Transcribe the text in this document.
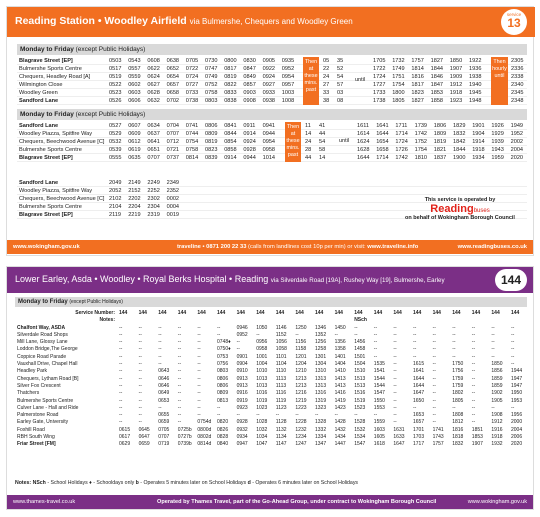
Reading Station • Woodley Airfield via Bulmershe, Chequers and Woodley Green
service
13
Monday to Friday (except Public Holidays)
Blagrave Street [EP]	0503	0543	0608	0638	0705	0730	0800	0830	0905	0935	05	35	1705	1732	1757	1827	1850	1922	2305
Bulmershe Sports Centre	0517	0557	0622	0652	0722	0747	0817	0847	0922	0952	22	52	1722	1749	1814	1844	1907	1936	2336
Chequers, Headley Road [A]	0519	0559	0624	0654	0724	0749	0819	0849	0924	0954	24	54	1724	1751	1816	1846	1909	1938	2338
Wilmington Close	0522	0602	0627	0657	0727	0752	0822	0857	0927	0957	27	57	1727	1754	1817	1847	1912	1940	2340
Woodley Green	0523	0603	0628	0658	0733	0758	0833	0903	0933	1003	33	03	1733	1800	1823	1853	1918	1945	2345
Sandford Lane	0526	0606	0632	0702	0738	0803	0838	0908	0938	1008	38	08	1738	1805	1827	1858	1923	1948	2348
Then
at
these
mins.
past
until
Then
hourly
until
Monday to Friday (except Public Holidays)
Sandford Lane	0527	0607	0634	0704	0741	0806	0841	0911	0941	11	41	1611	1641	1711	1739	1806	1829	1901	1926	1949
Woodley Piazza, Spitfire Way	0529	0609	0637	0707	0744	0809	0844	0914	0944	14	44	1614	1644	1714	1742	1809	1832	1904	1929	1952
Chequers, Beechwood Avenue [C] 0532	0612	0641	0712	0754	0819	0854	0924	0954	24	54	1624	1654	1724	1752	1819	1842	1914	1939	2002
Bulmershe Sports Centre	0539	0619	0651	0721	0758	0823	0858	0928	0958	28	58	1628	1658	1726	1754	1821	1844	1918	1943	2004
Blagrave Street [EP]	0555	0635	0707	0737	0814	0839	0914	0944	1014	44	14	1644	1714	1742	1810	1837	1900	1934	1959	2020
Then
at
these
mins.
past
until
Sandford Lane	2049	2149	2249	2349
Woodley Piazza, Spitfire Way	2052	2152	2252	2352
Chequers, Beechwood Avenue [C] 2102	2202	2302	0002
Bulmershe Sports Centre	2104	2204	2304	0004
Blagrave Street [EP]	2119	2219	2319	0019
This service is operated by Readingbuses
on behalf of Wokingham Borough Council
www.wokingham.gov.uk	traveline • 0871 200 22 33 (calls from landlines cost 10p per min) or visit: www.traveline.info	www.readingbuses.co.uk
Lower Earley, Asda • Woodley • Royal Berks Hospital • Reading via Silverdale Road [19A], Rushey Way [19], Bulmershe, Earley	144
Monday to Friday (except Public Holidays)
Service Number: 144	144	144	144	144	144	144	144	144	144	144	144	144	144	144	144	144	144	144	144	144
Notes:	NSch
Chalfont Way, ASDA	--	--	--	--	--	--	0946	1050	1146	1250	1346	1450	--	--	--	--	--	--	--	--	--
Silverdale Road Shops	--	--	--	--	--	--	0952	--	1152	--	1352	--	--	--	--	--	--	--	--	--	--
Mill Lane, Glossy Lane	--	--	--	--	--	0748♦	--	0956	1056	1156	1256	1356	1456	--	--	--	--	--	--	--	--
Loddon Bridge,The George	--	--	--	--	--	0750♦	--	0958	1058	1158	1258	1358	1458	--	--	--	--	--	--	--	--
Coppice Road Parade	--	--	--	--	--	0753	0901	1001	1101	1201	1301	1401	1501	--	--	--	--	--	--	--	--
Vauxhall Drive, Chapel Hall	--	--	--	--	--	0756	0904	1004	1104	1204	1304	1404	1504	1535	--	1615	--	1750	--	1850	--
Headley Park	--	--	0643	--	--	0803	0910	1010	1110	1210	1310	1410	1510	1541	--	1641	--	1756	--	1856	1944
Chequers, Lytham Road [B]	--	--	0646	--	--	0806	0913	1013	1113	1213	1313	1413	1513	1544	--	1644	--	1759	--	1859	1947
Silver Fox Crescent	--	--	0646	--	--	0806	0913	1013	1113	1213	1313	1413	1513	1544	--	1644	--	1759	--	1859	1947
Thatchers	--	--	0649	--	--	0809	0916	1016	1116	1216	1316	1416	1516	1547	--	1647	--	1802	--	1902	1950
Bulmershe Sports Centre	--	--	0653	--	--	0813	0919	1019	1119	1219	1319	1419	1519	1550	--	1650	--	1805	--	1905	1953
Culver Lane - Hall and Ride	--	--	--	--	--	--	0923	1023	1123	1223	1323	1423	1523	1553	--	--	--	--	--	--	--
Palmerstone Road	--	--	0655	--	--	--	--	--	--	--	--	--	--	--	--	1653	--	1808	--	1908	1956
Earley Gate, University	--	--	0659	--	0754d	0820	0928	1028	1128	1228	1328	1428	1528	1559	--	1657	--	1812	--	1912	2000
Foxhill Road	0615	0645	0705	0725b	0800d	0826	0932	1032	1132	1232	1332	1432	1532	1603	1631	1701	1741	1816	1851	1916	2004
RBH South Wing	0617	0647	0707	0727b	0802d	0828	0934	1034	1134	1234	1334	1434	1534	1605	1633	1703	1743	1818	1853	1918	2006
Friar Street [FM]	0629	0659	0719	0739b	0814d	0840	0947	1047	1147	1247	1347	1447	1547	1618	1647	1717	1757	1832	1907	1932	2020
Notes: NSch - School Holidays ♦ - Schooldays only b - Operates 5 minutes later on School Holidays d - Operates 6 minutes later on School Holidays
www.thames-travel.co.uk	Operated by Thames Travel, part of the Go-Ahead Group, under contract to Wokingham Borough Council	www.wokingham.gov.uk
